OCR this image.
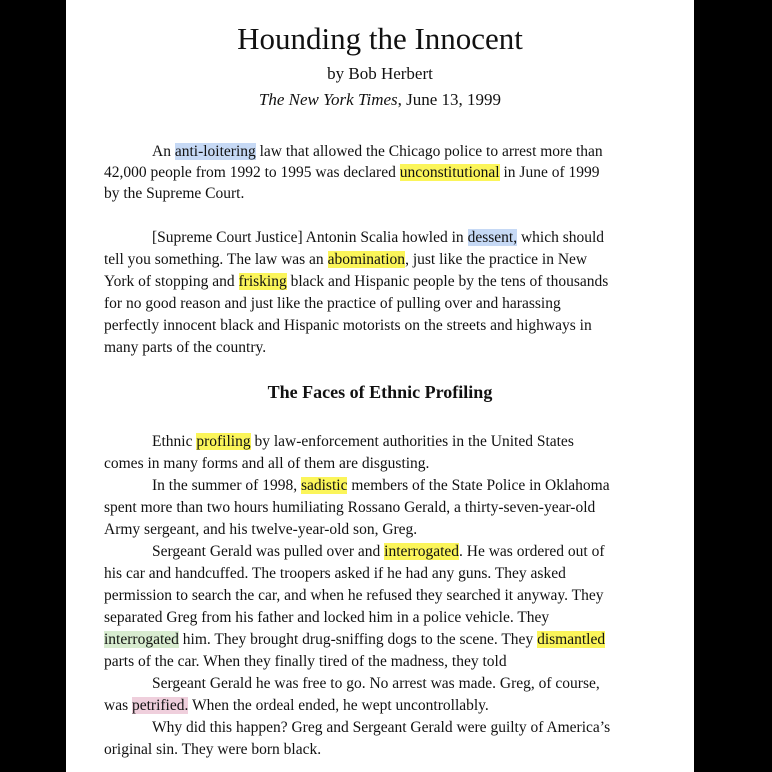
Hounding the Innocent
by Bob Herbert
The New York Times, June 13, 1999
The Faces of Ethnic Profiling
An anti-loitering law that allowed the Chicago police to arrest more than
42,000 people from 1992 to 1995 was declared unconstitutional in June of 1999
by the Supreme Court.
[Supreme Court Justice] Antonin Scalia howled in dessent, which should
tell you something. The law was an abomination, just like the practice in New
York of stopping and frisking black and Hispanic people by the tens of thousands
for no good reason and just like the practice of pulling over and harassing
perfectly innocent black and Hispanic motorists on the streets and highways in
many parts of the country.
Ethnic profiling by law-enforcement authorities in the United States
comes in many forms and all of them are disgusting.
In the summer of 1998, sadistic members of the State Police in Oklahoma
spent more than two hours humiliating Rossano Gerald, a thirty-seven-year-old
Army sergeant, and his twelve-year-old son, Greg.
Sergeant Gerald was pulled over and interrogated. He was ordered out of
his car and handcuffed. The troopers asked if he had any guns. They asked
permission to search the car, and when he refused they searched it anyway. They
separated Greg from his father and locked him in a police vehicle. They
interrogated him. They brought drug-sniffing dogs to the scene. They dismantled
parts of the car. When they finally tired of the madness, they told
Sergeant Gerald he was free to go. No arrest was made. Greg, of course,
was petrified. When the ordeal ended, he wept uncontrollably.
Why did this happen? Greg and Sergeant Gerald were guilty of America’s
original sin. They were born black.
